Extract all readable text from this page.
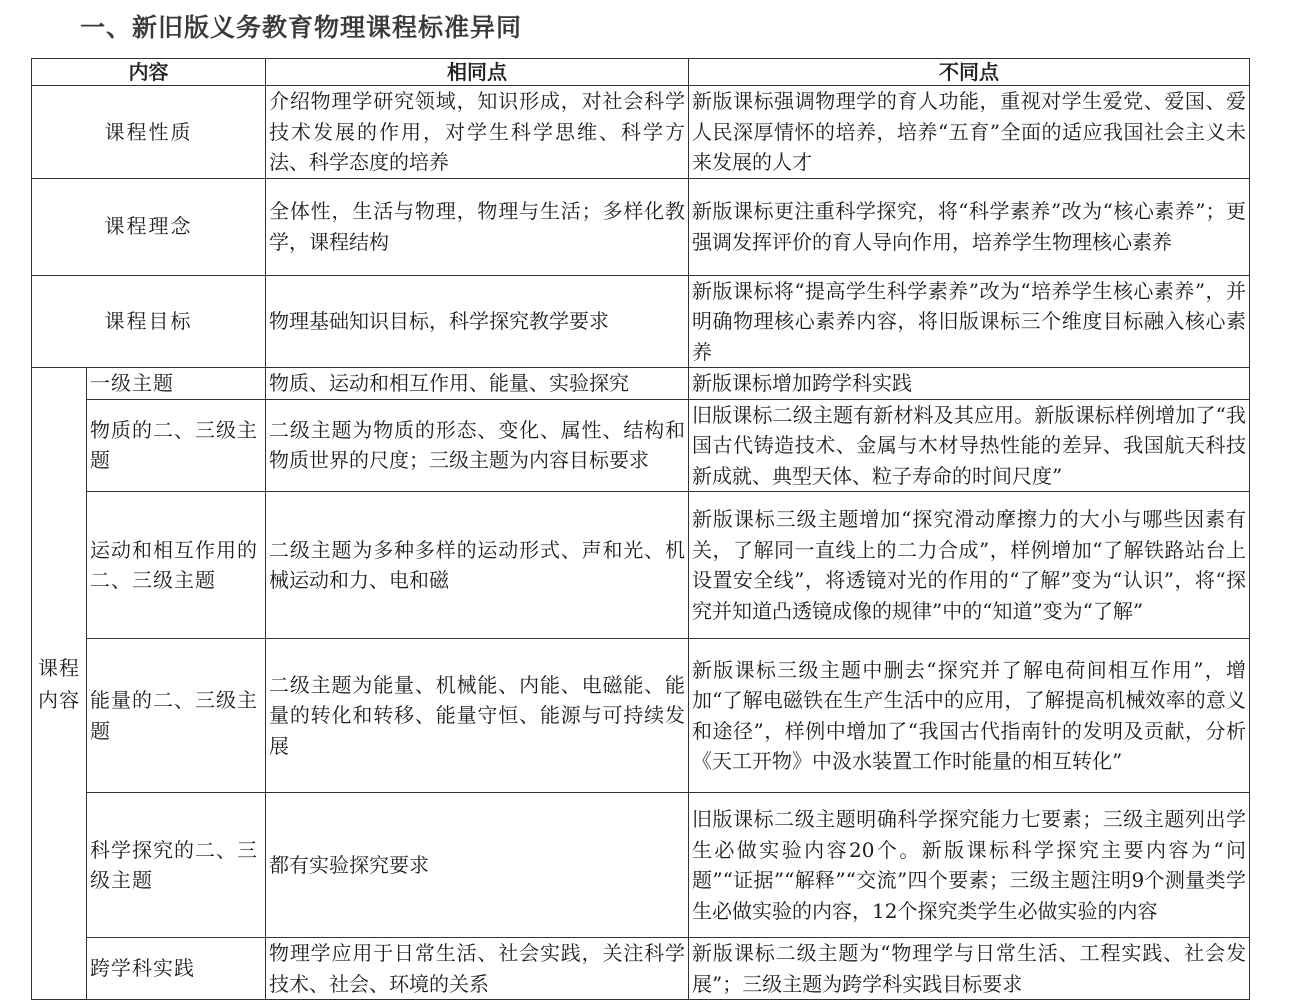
一、新旧版义务教育物理课程标准异同
内容		相同点	不同点
课程性质		介绍物理学研究领域，知识形成，对社会科学技术发展的作用，对学生科学思维、科学方法、科学态度的培养	新版课标强调物理学的育人功能，重视对学生爱党、爱国、爱人民深厚情怀的培养，培养“五育”全面的适应我国社会主义未来发展的人才
课程理念		全体性，生活与物理，物理与生活；多样化教学，课程结构	新版课标更注重科学探究，将“科学素养”改为“核心素养”；更强调发挥评价的育人导向作用，培养学生物理核心素养
课程目标		物理基础知识目标，科学探究教学要求	新版课标将“提高学生科学素养”改为“培养学生核心素养”，并明确物理核心素养内容，将旧版课标三个维度目标融入核心素养
课程内容	一级主题	物质、运动和相互作用、能量、实验探究	新版课标增加跨学科实践
	物质的二、三级主题	二级主题为物质的形态、变化、属性、结构和物质世界的尺度；三级主题为内容目标要求	旧版课标二级主题有新材料及其应用。新版课标样例增加了“我国古代铸造技术、金属与木材导热性能的差异、我国航天科技新成就、典型天体、粒子寿命的时间尺度”
	运动和相互作用的二、三级主题	二级主题为多种多样的运动形式、声和光、机械运动和力、电和磁	新版课标三级主题增加“探究滑动摩擦力的大小与哪些因素有关，了解同一直线上的二力合成”，样例增加“了解铁路站台上设置安全线”，将透镜对光的作用的“了解”变为“认识”，将“探究并知道凸透镜成像的规律”中的“知道”变为“了解”
	能量的二、三级主题	二级主题为能量、机械能、内能、电磁能、能量的转化和转移、能量守恒、能源与可持续发展	新版课标三级主题中删去“探究并了解电荷间相互作用”，增加“了解电磁铁在生产生活中的应用，了解提高机械效率的意义和途径”，样例中增加了“我国古代指南针的发明及贡献，分析《天工开物》中汲水装置工作时能量的相互转化”
	科学探究的二、三级主题	都有实验探究要求	旧版课标二级主题明确科学探究能力七要素；三级主题列出学生必做实验内容20个。新版课标科学探究主要内容为“问题”“证据”“解释”“交流”四个要素；三级主题注明9个测量类学生必做实验的内容，12个探究类学生必做实验的内容
	跨学科实践	物理学应用于日常生活、社会实践，关注科学技术、社会、环境的关系	新版课标二级主题为“物理学与日常生活、工程实践、社会发展”；三级主题为跨学科实践目标要求
